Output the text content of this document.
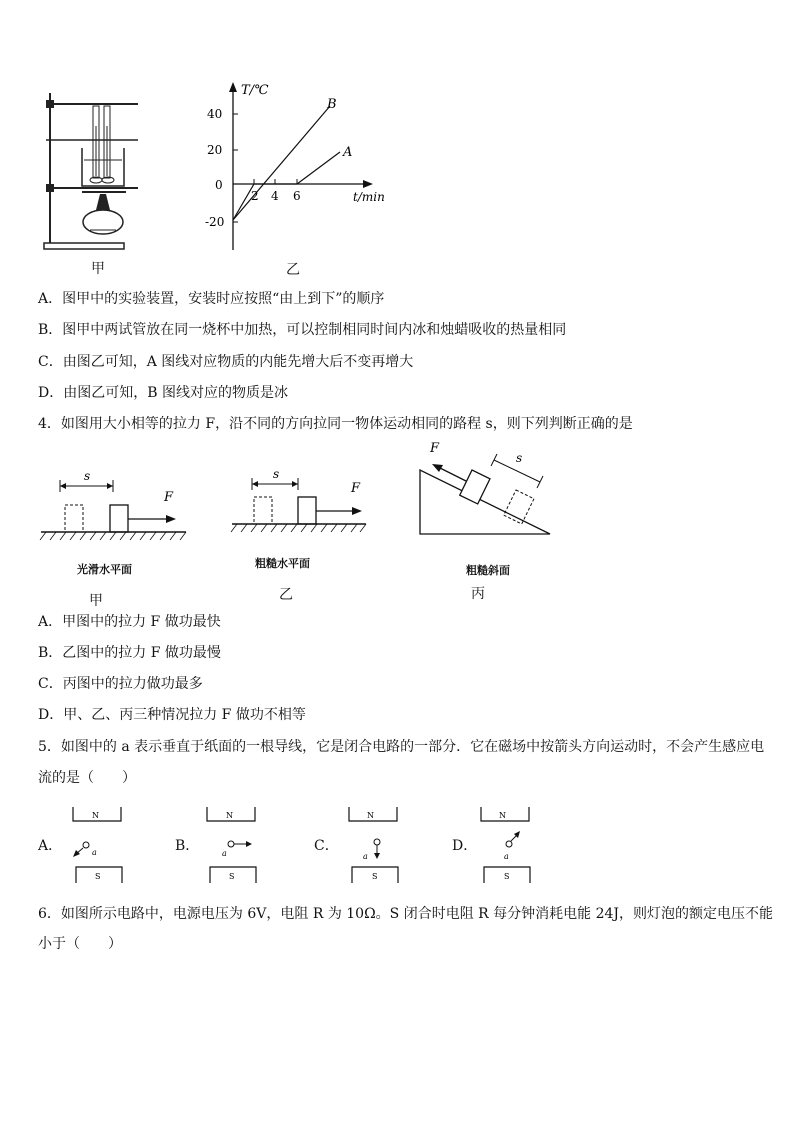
甲
T/℃
t/min
40
20
0
-20
2 4 6
B
A
乙
A．图甲中的实验装置，安装时应按照“由上到下”的顺序
B．图甲中两试管放在同一烧杯中加热，可以控制相同时间内冰和烛蜡吸收的热量相同
C．由图乙可知，A 图线对应物质的内能先增大后不变再增大
D．由图乙可知，B 图线对应的物质是冰
4．如图用大小相等的拉力 F，沿不同的方向拉同一物体运动相同的路程 s，则下列判断正确的是
s
F
光滑水平面
甲
s
F
粗糙水平面
乙
F
s
粗糙斜面
丙
A．甲图中的拉力 F 做功最快
B．乙图中的拉力 F 做功最慢
C．丙图中的拉力做功最多
D．甲、乙、丙三种情况拉力 F 做功不相等
5．如图中的 a 表示垂直于纸面的一根导线，它是闭合电路的一部分．它在磁场中按箭头方向运动时，不会产生感应电
流的是（　　）
A．	B．	C．	D．
N
S
a
N
S
a
N
S
a
N
S
a
6．如图所示电路中，电源电压为 6V，电阻 R 为 10Ω。S 闭合时电阻 R 每分钟消耗电能 24J，则灯泡的额定电压不能
小于（　　）
